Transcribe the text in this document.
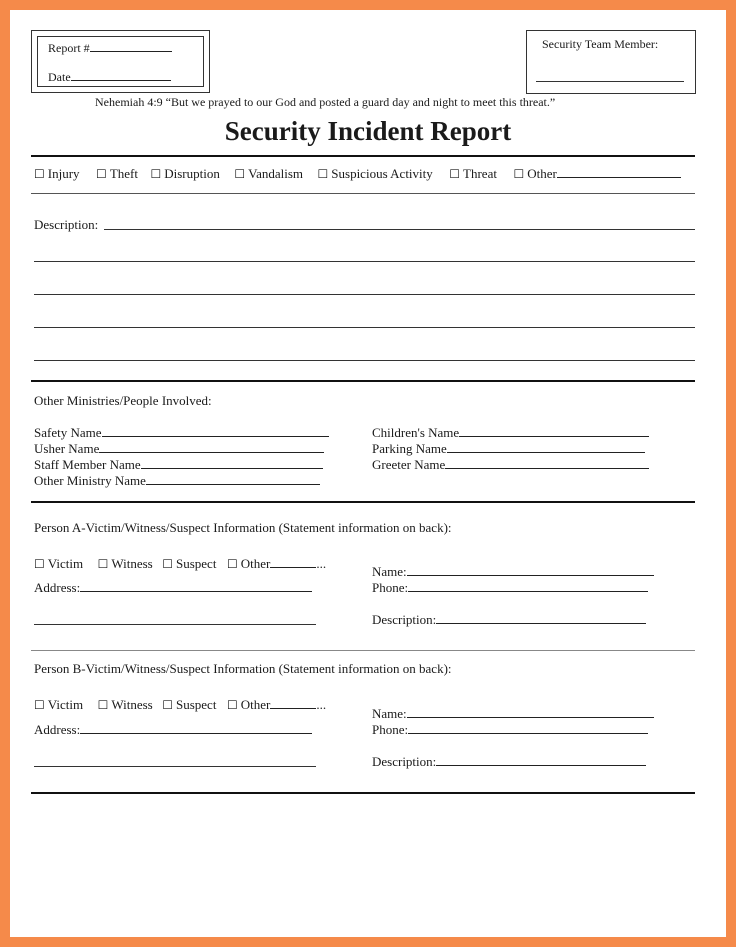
Report #
Date
Security Team Member:
Nehemiah 4:9 “But we prayed to our God and posted a guard day and night to meet this threat.”
Security Incident Report
☐ Injury ☐ Theft ☐ Disruption ☐ Vandalism ☐ Suspicious Activity ☐ Threat ☐ Other
Description:
Other Ministries/People Involved:
Safety Name
Usher Name
Staff Member Name
Other Ministry Name
Children's Name
Parking Name
Greeter Name
Person A-Victim/Witness/Suspect Information (Statement information on back):
☐ Victim ☐ Witness ☐ Suspect ☐ Other	...
Address:
Name:
Phone:
Description:
Person B-Victim/Witness/Suspect Information (Statement information on back):
☐ Victim ☐ Witness ☐ Suspect ☐ Other	...
Address:
Name:
Phone:
Description:
